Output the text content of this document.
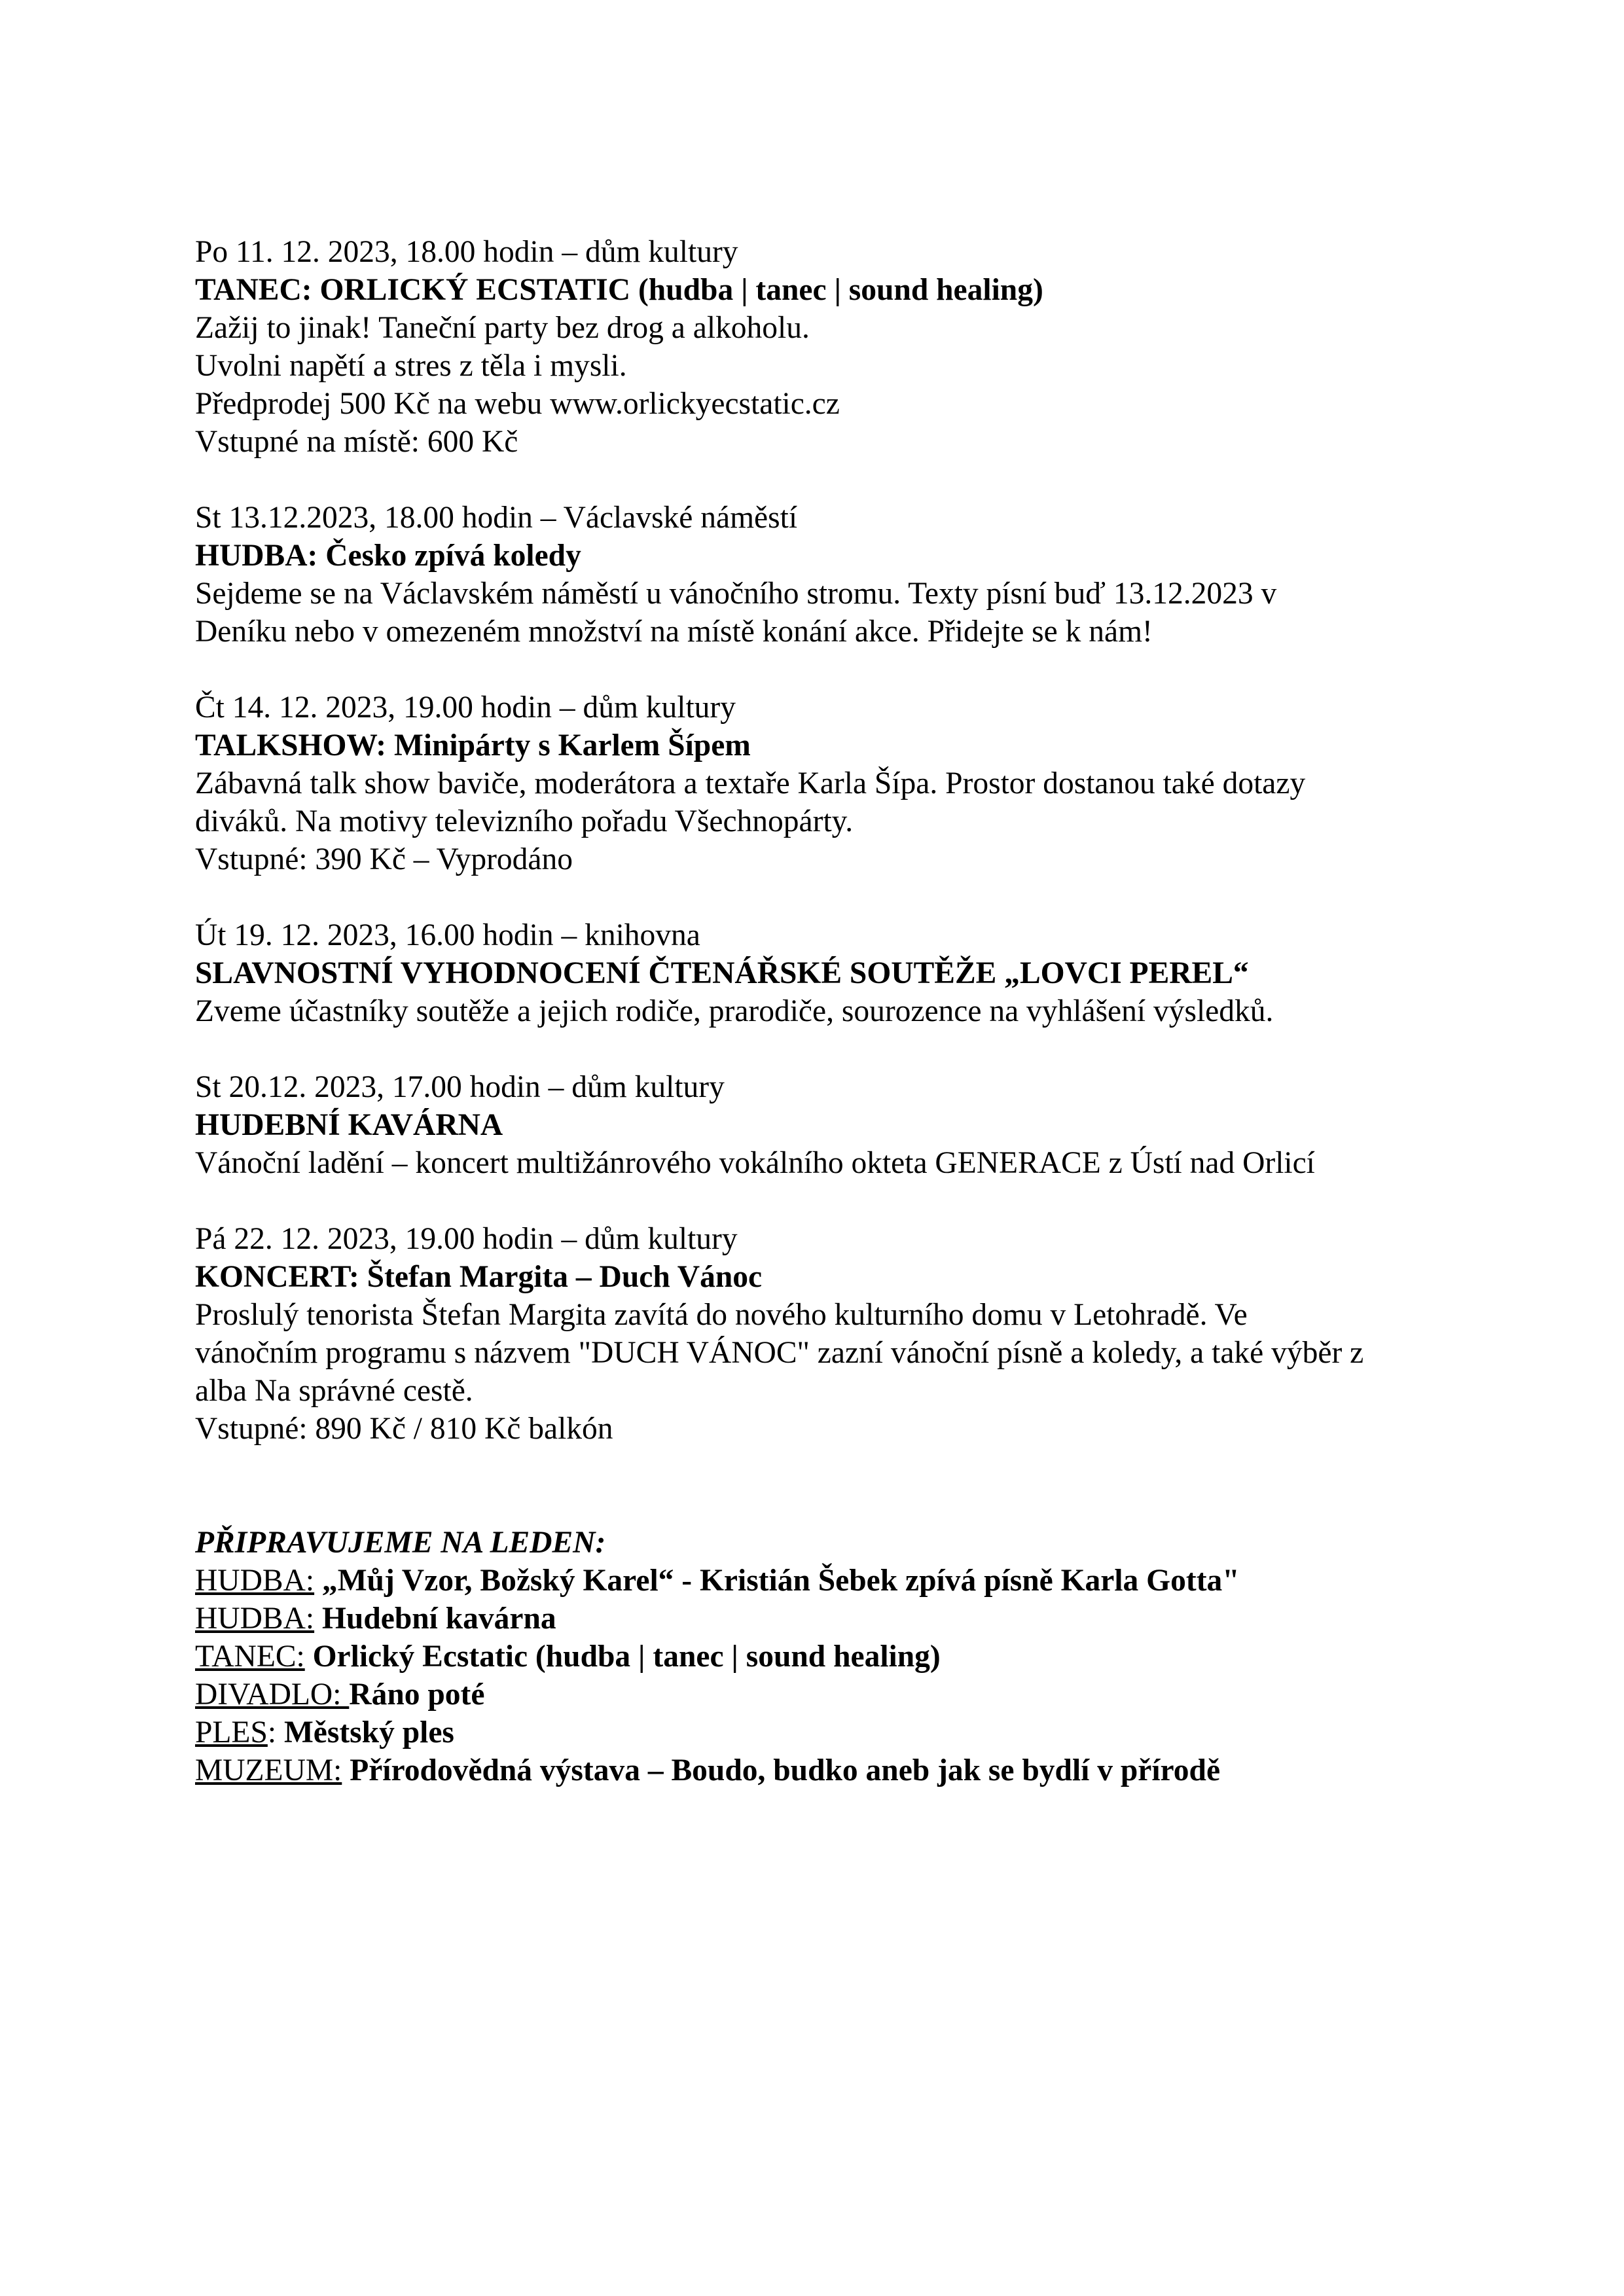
Po 11. 12. 2023, 18.00 hodin – dům kultury
TANEC: ORLICKÝ ECSTATIC (hudba | tanec | sound healing)
Zažij to jinak! Taneční party bez drog a alkoholu.
Uvolni napětí a stres z těla i mysli.
Předprodej 500 Kč na webu www.orlickyecstatic.cz
Vstupné na místě: 600 Kč
St 13.12.2023, 18.00 hodin – Václavské náměstí
HUDBA: Česko zpívá koledy
Sejdeme se na Václavském náměstí u vánočního stromu. Texty písní buď 13.12.2023 v
Deníku nebo v omezeném množství na místě konání akce. Přidejte se k nám!
Čt 14. 12. 2023, 19.00 hodin – dům kultury
TALKSHOW: Minipárty s Karlem Šípem
Zábavná talk show baviče, moderátora a textaře Karla Šípa. Prostor dostanou také dotazy
diváků. Na motivy televizního pořadu Všechnopárty.
Vstupné: 390 Kč – Vyprodáno
Út 19. 12. 2023, 16.00 hodin – knihovna
SLAVNOSTNÍ VYHODNOCENÍ ČTENÁŘSKÉ SOUTĚŽE „LOVCI PEREL“
Zveme účastníky soutěže a jejich rodiče, prarodiče, sourozence na vyhlášení výsledků.
St 20.12. 2023, 17.00 hodin – dům kultury
HUDEBNÍ KAVÁRNA
Vánoční ladění – koncert multižánrového vokálního okteta GENERACE z Ústí nad Orlicí
Pá 22. 12. 2023, 19.00 hodin – dům kultury
KONCERT: Štefan Margita – Duch Vánoc
Proslulý tenorista Štefan Margita zavítá do nového kulturního domu v Letohradě. Ve
vánočním programu s názvem "DUCH VÁNOC" zazní vánoční písně a koledy, a také výběr z
alba Na správné cestě.
Vstupné: 890 Kč / 810 Kč balkón
PŘIPRAVUJEME NA LEDEN:
HUDBA: „Můj Vzor, Božský Karel“ - Kristián Šebek zpívá písně Karla Gotta"
HUDBA: Hudební kavárna
TANEC: Orlický Ecstatic (hudba | tanec | sound healing)
DIVADLO: Ráno poté
PLES: Městský ples
MUZEUM: Přírodovědná výstava – Boudo, budko aneb jak se bydlí v přírodě
